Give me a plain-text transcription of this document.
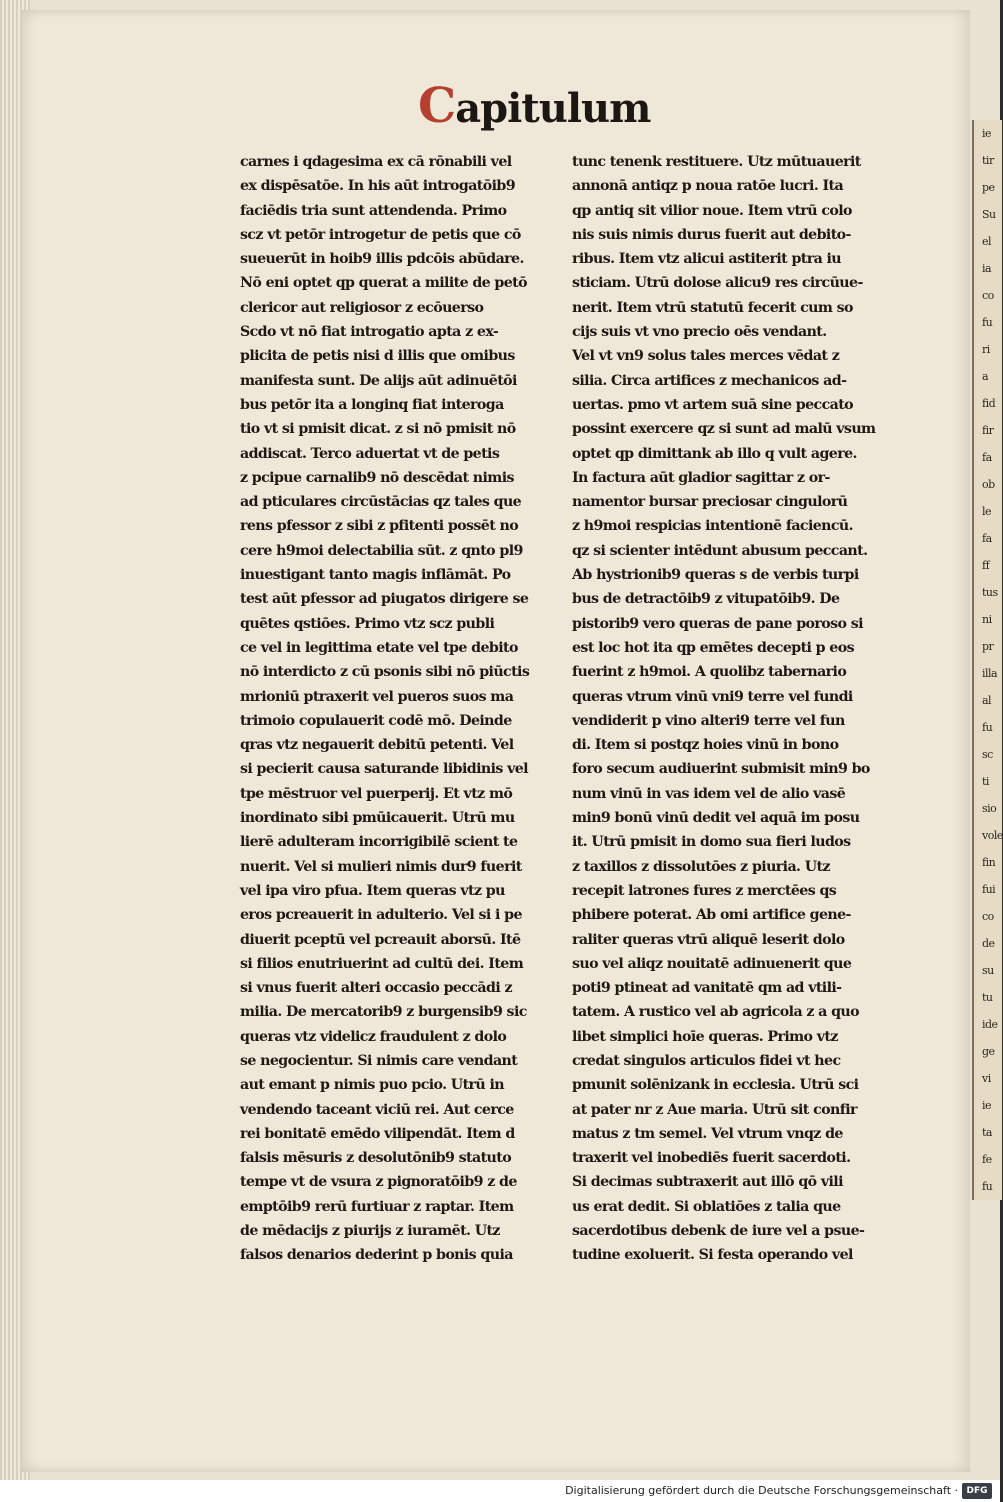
ie
tir
pe
Su
el
ia
co
fu
ri
a
fid
fir
fa
ob
le
fa
ff
tus
ni
pr
illa
al
fu
sc
ti
sio
vole
fin
fui
co
de
su
tu
ide
ge
vi
ie
ta
fe
fu
Capitulum
carnes i qdagesima ex cā rōnabili vel
ex dispēsatōe. In his aūt introgatōib9
faciēdis tria sunt attendenda. Primo
scz vt petōr introgetur de petis que cō
sueuerūt in hoib9 illis pdcōis abūdare.
Nō eni optet qp querat a milite de petō
clericor aut religiosor z ecōuerso
Scdo vt nō fiat introgatio apta z ex-
plicita de petis nisi d illis que omibus
manifesta sunt. De alijs aūt adinuētōi
bus petōr ita a longinq fiat interoga
tio vt si pmisit dicat. z si nō pmisit nō
addiscat. Terco aduertat vt de petis
z pcipue carnalib9 nō descēdat nimis
ad pticulares circūstācias qz tales que
rens pfessor z sibi z pfitenti possēt no
cere h9moi delectabilia sūt. z qnto pl9
inuestigant tanto magis inflāmāt. Po
test aūt pfessor ad piugatos dirigere se
quētes qstiōes. Primo vtz scz publi
ce vel in legittima etate vel tpe debito
nō interdicto z cū psonis sibi nō piūctis
mrioniū ptraxerit vel pueros suos ma
trimoio copulauerit codē mō. Deinde
qras vtz negauerit debitū petenti. Vel
si pecierit causa saturande libidinis vel
tpe mēstruor vel puerperij. Et vtz mō
inordinato sibi pmūicauerit. Utrū mu
lierē adulteram incorrigibilē scient te
nuerit. Vel si mulieri nimis dur9 fuerit
vel ipa viro pfua. Item queras vtz pu
eros pcreauerit in adulterio. Vel si i pe
diuerit pceptū vel pcreauit aborsū. Itē
si filios enutriuerint ad cultū dei. Item
si vnus fuerit alteri occasio peccādi z
milia. De mercatorib9 z burgensib9 sic
queras vtz videlicz fraudulent z dolo
se negocientur. Si nimis care vendant
aut emant p nimis puo pcio. Utrū in
vendendo taceant viciū rei. Aut cerce
rei bonitatē emēdo vilipendāt. Item d
falsis mēsuris z desolutōnib9 statuto
tempe vt de vsura z pignoratōib9 z de
emptōib9 rerū furtiuar z raptar. Item
de mēdacijs z piurijs z iuramēt. Utz
falsos denarios dederint p bonis quia
tunc tenenk restituere. Utz mūtuauerit
annonā antiqz p noua ratōe lucri. Ita
qp antiq sit vilior noue. Item vtrū colo
nis suis nimis durus fuerit aut debito-
ribus. Item vtz alicui astiterit ptra iu
sticiam. Utrū dolose alicu9 res circūue-
nerit. Item vtrū statutū fecerit cum so
cijs suis vt vno precio oēs vendant.
Vel vt vn9 solus tales merces vēdat z
silia. Circa artifices z mechanicos ad-
uertas. pmo vt artem suā sine peccato
possint exercere qz si sunt ad malū vsum
optet qp dimittank ab illo q vult agere.
In factura aūt gladior sagittar z or-
namentor bursar preciosar cingulorū
z h9moi respicias intentionē faciencū.
qz si scienter intēdunt abusum peccant.
Ab hystrionib9 queras s de verbis turpi
bus de detractōib9 z vitupatōib9. De
pistorib9 vero queras de pane poroso si
est loc hot ita qp emētes decepti p eos
fuerint z h9moi. A quolibz tabernario
queras vtrum vinū vni9 terre vel fundi
vendiderit p vino alteri9 terre vel fun
di. Item si postqz hoies vinū in bono
foro secum audiuerint submisit min9 bo
num vinū in vas idem vel de alio vasē
min9 bonū vinū dedit vel aquā im posu
it. Utrū pmisit in domo sua fieri ludos
z taxillos z dissolutōes z piuria. Utz
recepit latrones fures z merctēes qs
phibere poterat. Ab omi artifice gene-
raliter queras vtrū aliquē leserit dolo
suo vel aliqz nouitatē adinuenerit que
poti9 ptineat ad vanitatē qm ad vtili-
tatem. A rustico vel ab agricola z a quo
libet simplici hoīe queras. Primo vtz
credat singulos articulos fidei vt hec
pmunit solēnizank in ecclesia. Utrū sci
at pater nr z Aue maria. Utrū sit confir
matus z tm semel. Vel vtrum vnqz de
traxerit vel inobediēs fuerit sacerdoti.
Si decimas subtraxerit aut illō qō vili
us erat dedit. Si oblatiōes z talia que
sacerdotibus debenk de iure vel a psue-
tudine exoluerit. Si festa operando vel
Digitalisierung gefördert durch die Deutsche Forschungsgemeinschaft · DFG
